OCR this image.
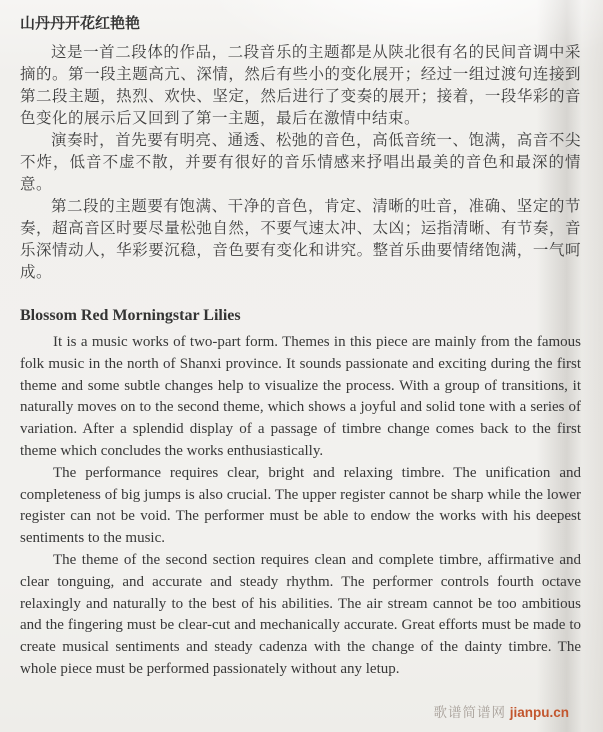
山丹丹开花红艳艳

这是一首二段体的作品，二段音乐的主题都是从陕北很有名的民间音调中采摘的。第一段主题高亢、深情，然后有些小的变化展开；经过一组过渡句连接到第二段主题，热烈、欢快、坚定，然后进行了变奏的展开；接着，一段华彩的音色变化的展示后又回到了第一主题，最后在激情中结束。

演奏时，首先要有明亮、通透、松弛的音色，高低音统一、饱满，高音不尖不炸，低音不虚不散，并要有很好的音乐情感来抒唱出最美的音色和最深的情意。

第二段的主题要有饱满、干净的音色，肯定、清晰的吐音，准确、坚定的节奏，超高音区时要尽量松弛自然，不要气速太冲、太凶；运指清晰、有节奏，音乐深情动人，华彩要沉稳，音色要有变化和讲究。整首乐曲要情绪饱满，一气呵成。

Blossom Red Morningstar Lilies

It is a music works of two-part form. Themes in this piece are mainly from the famous folk music in the north of Shanxi province. It sounds passionate and exciting during the first theme and some subtle changes help to visualize the process. With a group of transitions, it naturally moves on to the second theme, which shows a joyful and solid tone with a series of variation. After a splendid display of a passage of timbre change comes back to the first theme which concludes the works enthusiastically.

The performance requires clear, bright and relaxing timbre. The unification and completeness of big jumps is also crucial. The upper register cannot be sharp while the lower register can not be void. The performer must be able to endow the works with his deepest sentiments to the music.

The theme of the second section requires clean and complete timbre, affirmative and clear tonguing, and accurate and steady rhythm. The performer controls fourth octave relaxingly and naturally to the best of his abilities. The air stream cannot be too ambitious and the fingering must be clear-cut and mechanically accurate. Great efforts must be made to create musical sentiments and steady cadenza with the change of the dainty timbre. The whole piece must be performed passionately without any letup.

歌谱简谱网 jianpu.cn
